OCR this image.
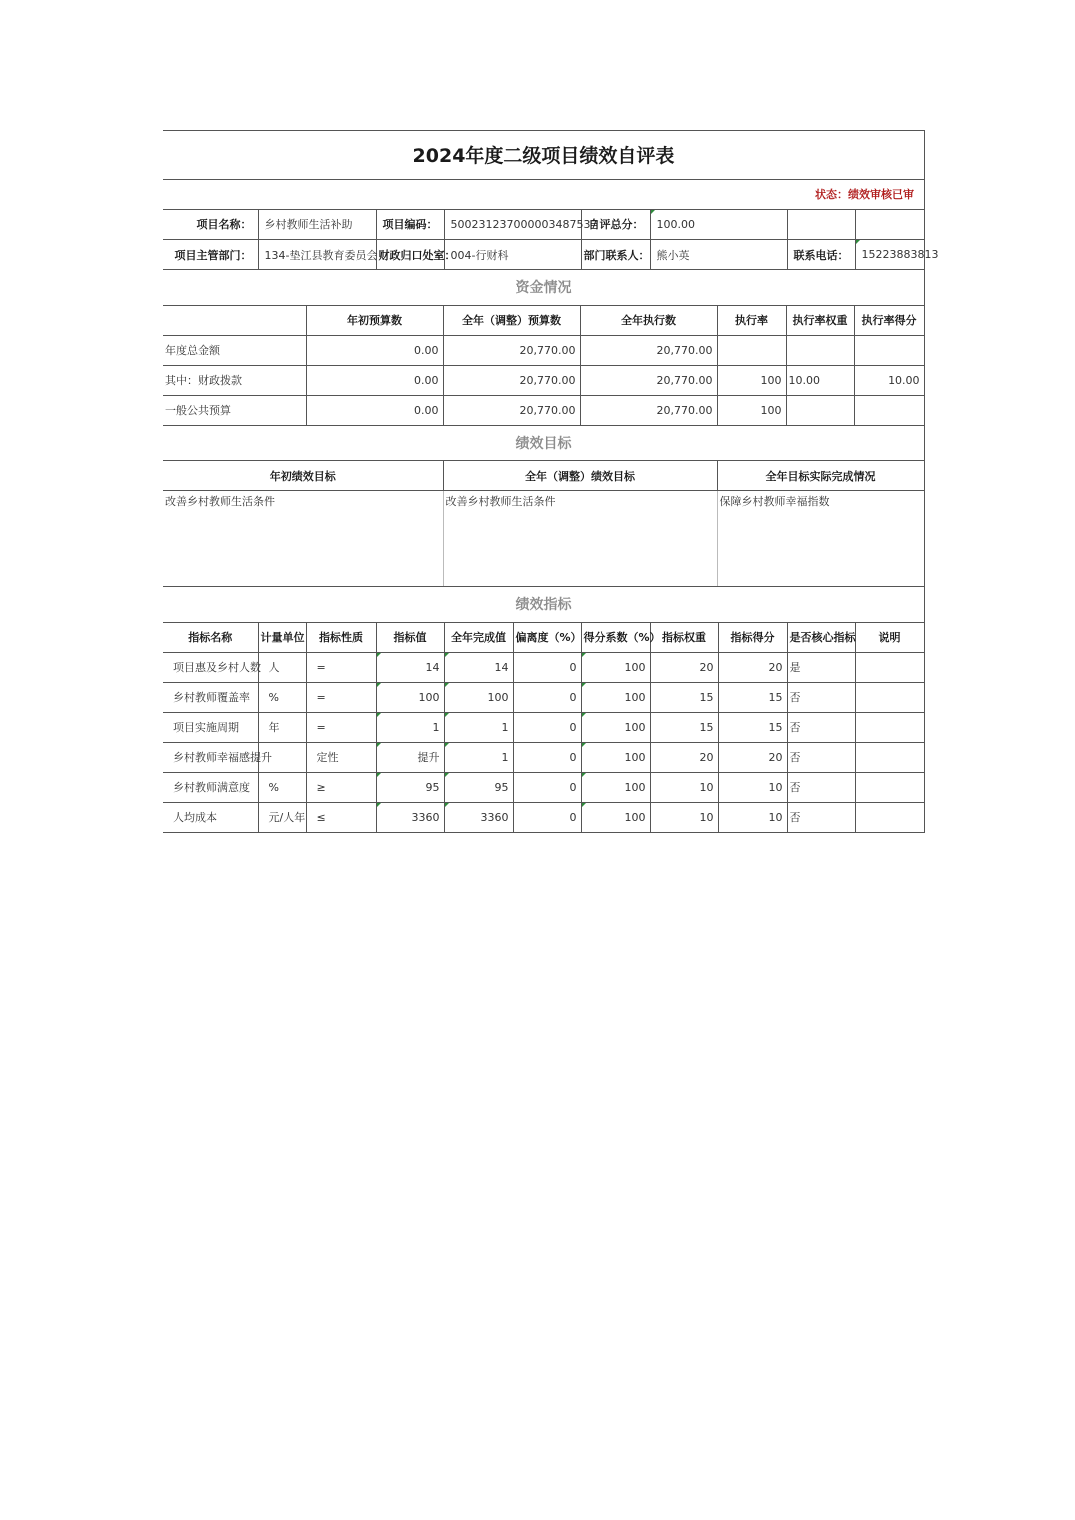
2024年度二级项目绩效自评表
状态：绩效审核已审
项目名称：	乡村教师生活补助	项目编码：	500231237000003487537	自评总分：	100.00		
项目主管部门：	134-垫江县教育委员会	财政归口处室：	004-行财科	部门联系人：	熊小英	联系电话：	15223883813
资金情况						
	年初预算数	全年（调整）预算数	全年执行数	执行率	执行率权重	执行率得分
年度总金额	0.00	20,770.00	20,770.00			
其中：财政拨款	0.00	20,770.00	20,770.00	100	10.00	10.00
一般公共预算	0.00	20,770.00	20,770.00	100		
绩效目标		
年初绩效目标	全年（调整）绩效目标	全年目标实际完成情况
改善乡村教师生活条件	改善乡村教师生活条件	保障乡村教师幸福指数
绩效指标										
指标名称	计量单位	指标性质	指标值	全年完成值	偏离度（%）	得分系数（%）	指标权重	指标得分	是否核心指标	说明
项目惠及乡村人数	人	=	14	14	0	100	20	20	是	
乡村教师覆盖率	%	=	100	100	0	100	15	15	否	
项目实施周期	年	=	1	1	0	100	15	15	否	
乡村教师幸福感提升		定性	提升	1	0	100	20	20	否	
乡村教师满意度	%	≥	95	95	0	100	10	10	否	
人均成本	元/人年	≤	3360	3360	0	100	10	10	否	
